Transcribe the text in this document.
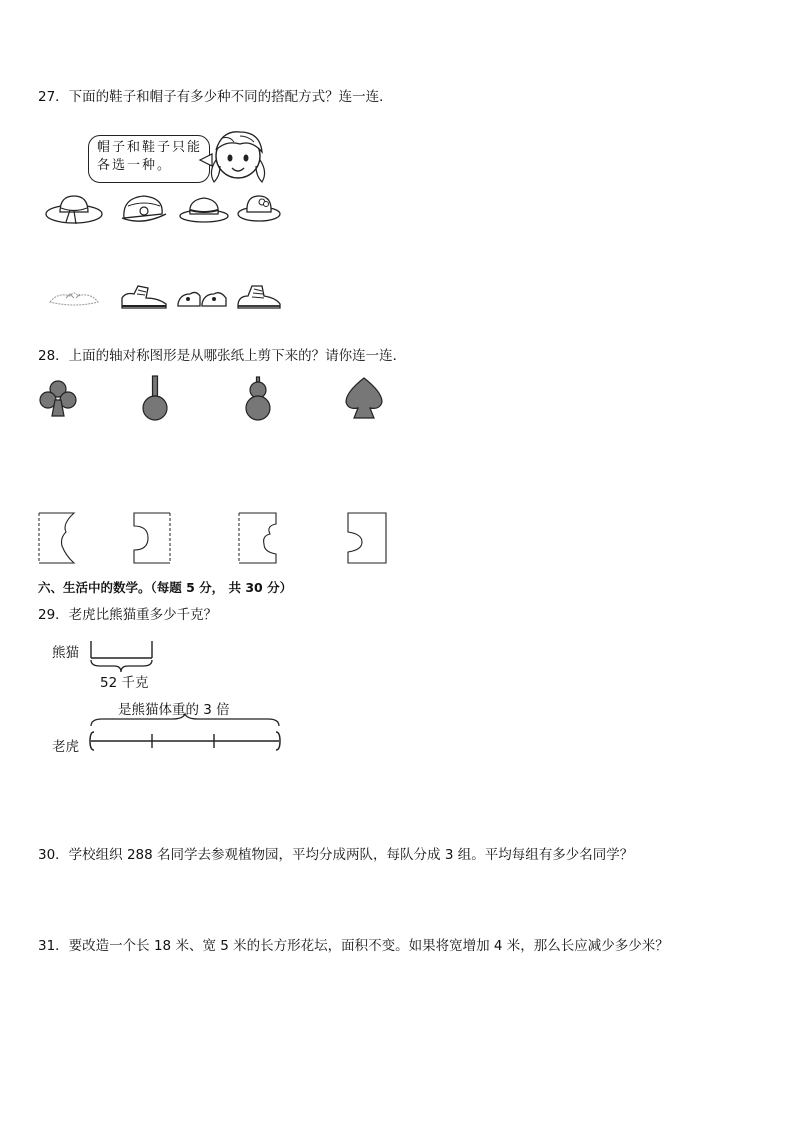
27．下面的鞋子和帽子有多少种不同的搭配方式？连一连．
帽子和鞋子只能
各选一种。
28．上面的轴对称图形是从哪张纸上剪下来的？请你连一连．
六、生活中的数学。（每题 5 分， 共 30 分）
29．老虎比熊猫重多少千克？
熊猫
52 千克
是熊猫体重的 3 倍
老虎
30．学校组织 288 名同学去参观植物园，平均分成两队，每队分成 3 组。平均每组有多少名同学？
31．要改造一个长 18 米、宽 5 米的长方形花坛，面积不变。如果将宽增加 4 米，那么长应减少多少米？
